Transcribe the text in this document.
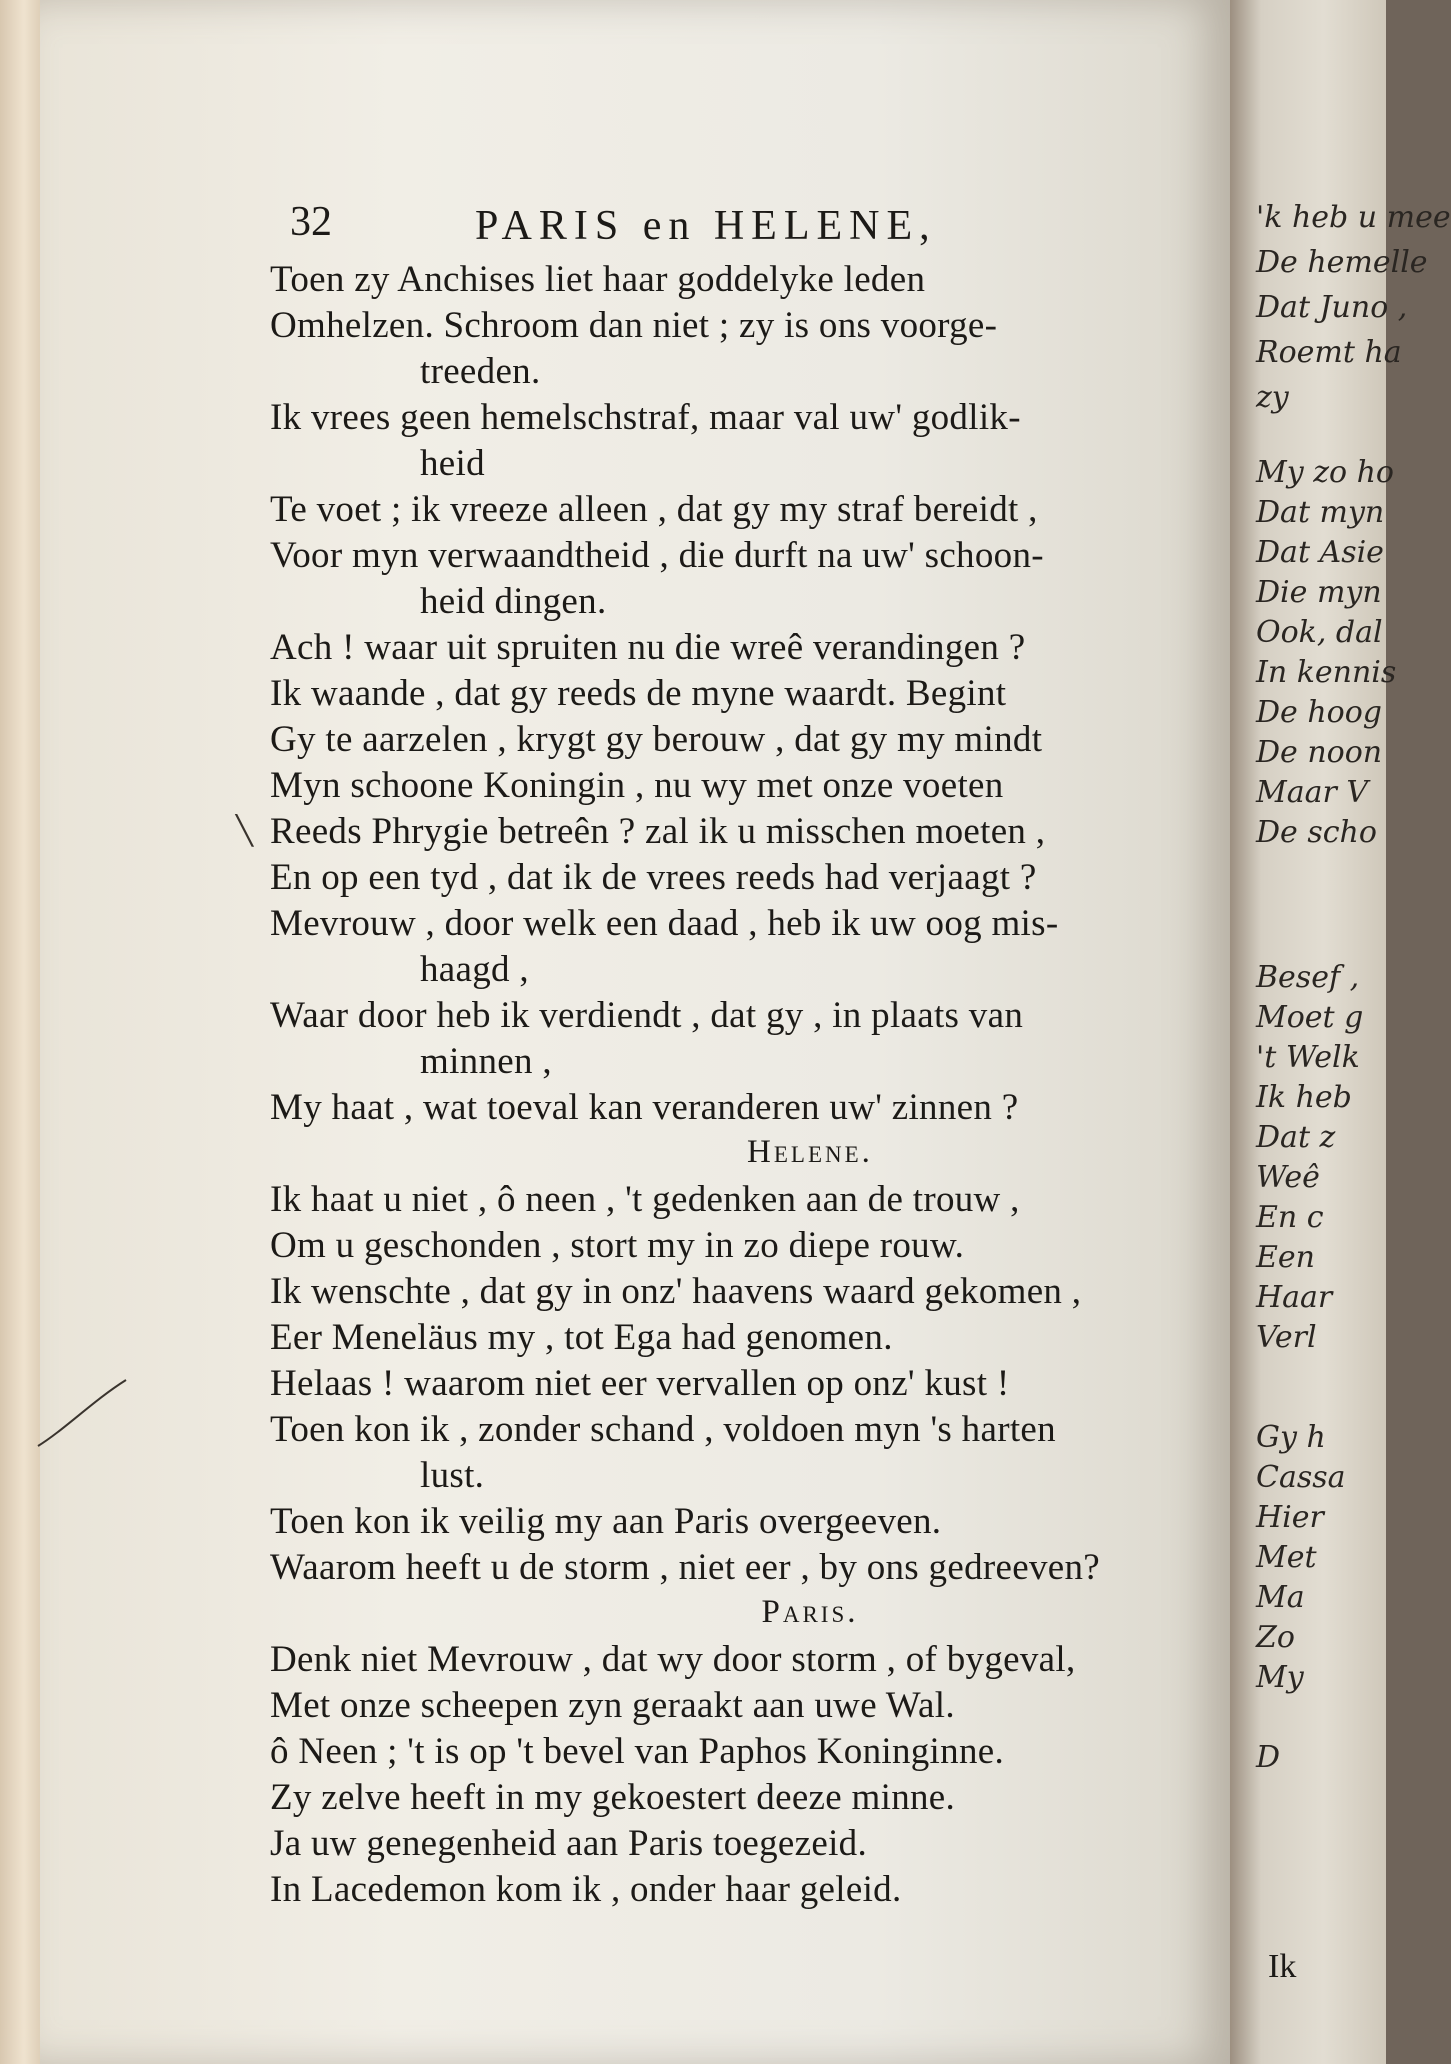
'k heb u mee
De hemelle
Dat Juno ,
Roemt ha
zy
My zo ho
Dat myn
Dat Asie
Die myn
Ook, dal
In kennis
De hoog
De noon
Maar V
De scho
Besef ,
Moet g
't Welk
Ik heb
Dat z
Weê
En c
Een
Haar
Verl
Gy h
Cassa
Hier
Met
Ma
Zo
My
D
32	PARIS en HELENE,
Toen zy Anchises liet haar goddelyke leden
Omhelzen. Schroom dan niet ; zy is ons voorge-
treeden.
Ik vrees geen hemelschstraf, maar val uw' godlik-
heid
Te voet ; ik vreeze alleen , dat gy my straf bereidt ,
Voor myn verwaandtheid , die durft na uw' schoon-
heid dingen.
Ach ! waar uit spruiten nu die wreê verandingen ?
Ik waande , dat gy reeds de myne waardt. Begint
Gy te aarzelen , krygt gy berouw , dat gy my mindt
Myn schoone Koningin , nu wy met onze voeten
Reeds Phrygie betreên ? zal ik u misschen moeten ,
En op een tyd , dat ik de vrees reeds had verjaagt ?
Mevrouw , door welk een daad , heb ik uw oog mis-
haagd ,
Waar door heb ik verdiendt , dat gy , in plaats van
minnen ,
My haat , wat toeval kan veranderen uw' zinnen ?
Helene.
Ik haat u niet , ô neen , 't gedenken aan de trouw ,
Om u geschonden , stort my in zo diepe rouw.
Ik wenschte , dat gy in onz' haavens waard gekomen ,
Eer Meneläus my , tot Ega had genomen.
Helaas ! waarom niet eer vervallen op onz' kust !
Toen kon ik , zonder schand , voldoen myn 's harten
lust.
Toen kon ik veilig my aan Paris overgeeven.
Waarom heeft u de storm , niet eer , by ons gedreeven?
Paris.
Denk niet Mevrouw , dat wy door storm , of bygeval,
Met onze scheepen zyn geraakt aan uwe Wal.
ô Neen ; 't is op 't bevel van Paphos Koninginne.
Zy zelve heeft in my gekoestert deeze minne.
Ja uw genegenheid aan Paris toegezeid.
In Lacedemon kom ik , onder haar geleid.
╲
Ik
